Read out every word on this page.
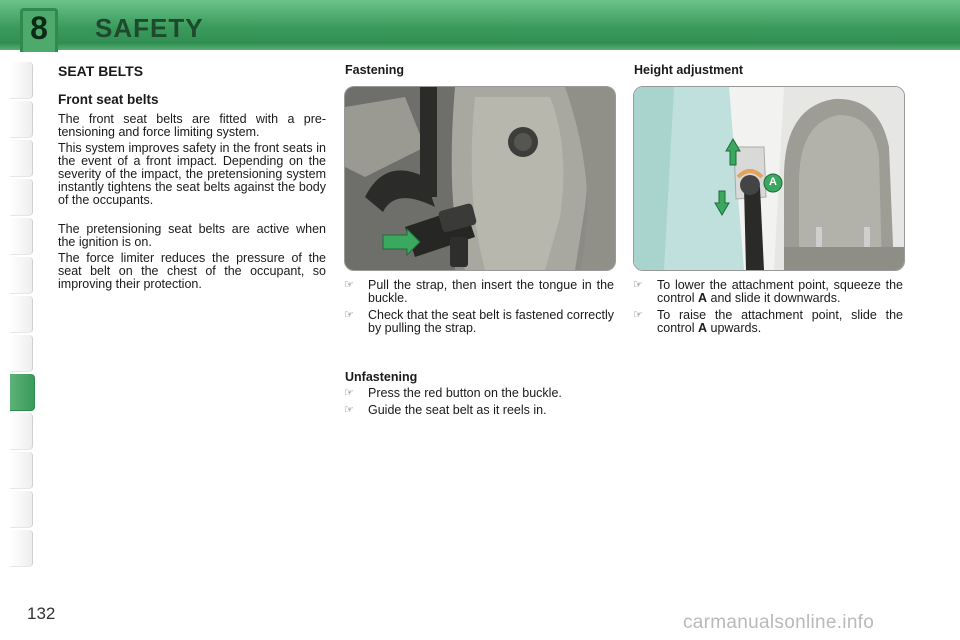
8	SAFETY
SEAT BELTS
Front seat belts

The front seat belts are fitted with a pre-tensioning and force limiting system.

This system improves safety in the front seats in the event of a front impact. Depending on the severity of the impact, the pretensioning system instantly tightens the seat belts against the body of the occupants.

The pretensioning seat belts are active when the ignition is on.

The force limiter reduces the pressure of the seat belt on the chest of the occupant, so improving their protection.

Fastening
☞ Pull the strap, then insert the tongue in the buckle.
☞ Check that the seat belt is fastened correctly by pulling the strap.
Unfastening
☞ Press the red button on the buckle.
☞ Guide the seat belt as it reels in.
Height adjustment
A
☞ To lower the attachment point, squeeze the control A and slide it downwards.
☞ To raise the attachment point, slide the control A upwards.
132	carmanualsonline.info
